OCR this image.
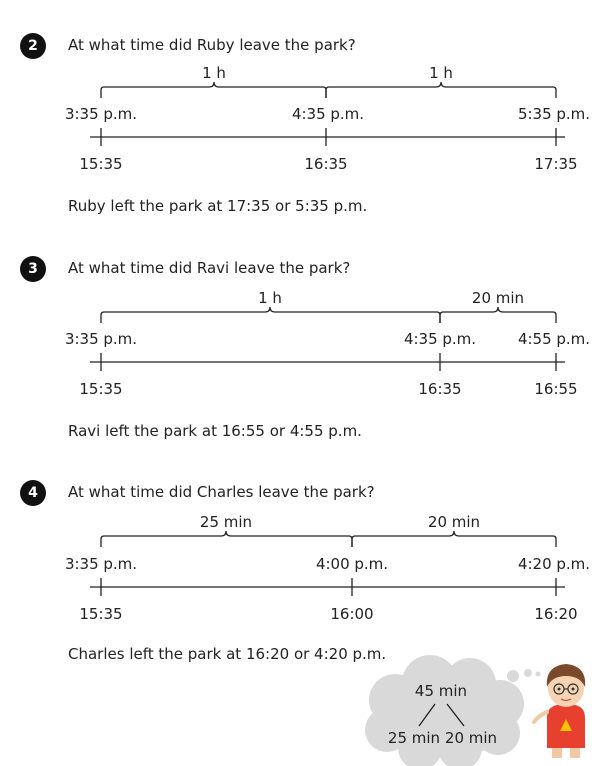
2 At what time did Ruby leave the park?
1 h	1 h
3:35 p.m.	4:35 p.m.	5:35 p.m.
15:35	16:35	17:35
Ruby left the park at 17:35 or 5:35 p.m.
3 At what time did Ravi leave the park?
1 h	20 min
3:35 p.m.	4:35 p.m.	4:55 p.m.
15:35	16:35	16:55
Ravi left the park at 16:55 or 4:55 p.m.
4 At what time did Charles leave the park?
25 min	20 min
3:35 p.m.	4:00 p.m.	4:20 p.m.
15:35	16:00	16:20
Charles left the park at 16:20 or 4:20 p.m.
45 min
25 min 20 min
